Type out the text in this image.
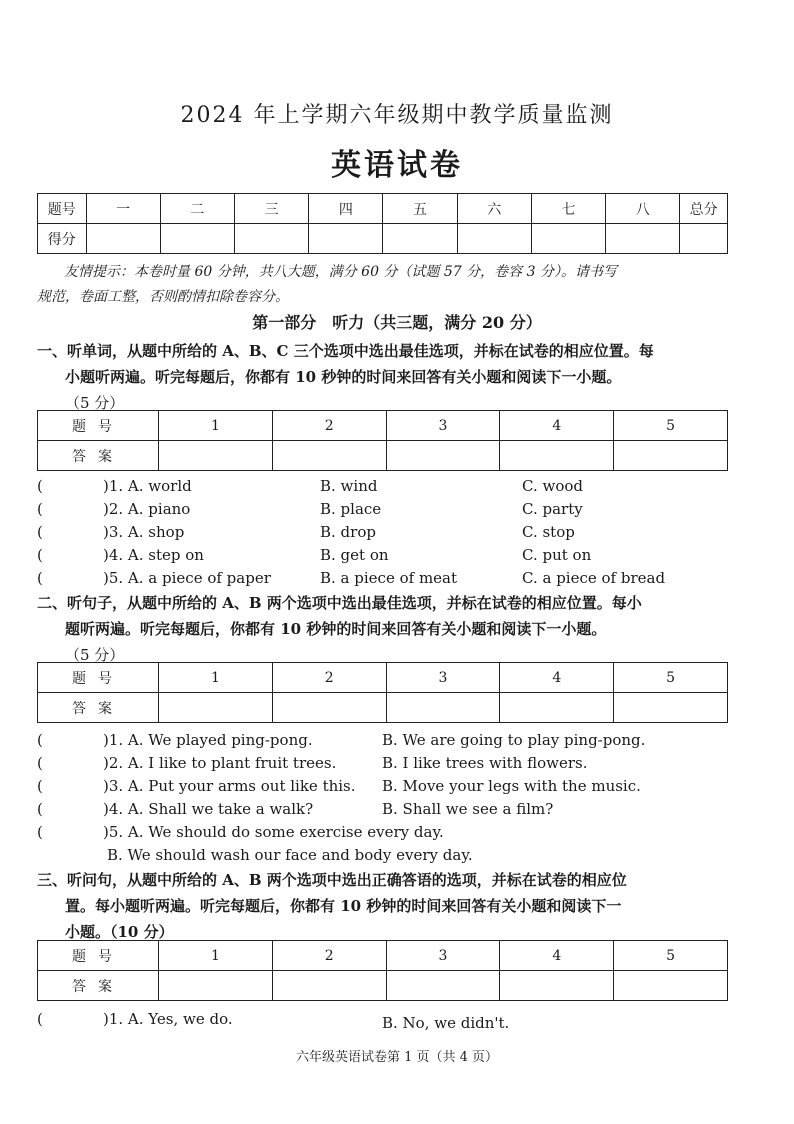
2024 年上学期六年级期中教学质量监测
英语试卷
题号	一	二	三	四	五	六	七	八	总分
得分									
友情提示：本卷时量 60 分钟，共八大题，满分 60 分（试题 57 分，卷容 3 分）。请书写
规范，卷面工整，否则酌情扣除卷容分。
第一部分　听力（共三题，满分 20 分）
一、听单词，从题中所给的 A、B、C 三个选项中选出最佳选项，并标在试卷的相应位置。每
小题听两遍。听完每题后，你都有 10 秒钟的时间来回答有关小题和阅读下一小题。
（5 分）
题号	1	2	3	4	5
答案					
(	)1. A. world	B. wind	C. wood
(	)2. A. piano	B. place	C. party
(	)3. A. shop	B. drop	C. stop
(	)4. A. step on	B. get on	C. put on
(	)5. A. a piece of paper	B. a piece of meat	C. a piece of bread
二、听句子，从题中所给的 A、B 两个选项中选出最佳选项，并标在试卷的相应位置。每小
题听两遍。听完每题后，你都有 10 秒钟的时间来回答有关小题和阅读下一小题。
（5 分）
题号	1	2	3	4	5
答案					
(	)1. A. We played ping-pong.	B. We are going to play ping-pong.
(	)2. A. I like to plant fruit trees.	B. I like trees with flowers.
(	)3. A. Put your arms out like this. B. Move your legs with the music.
(	)4. A. Shall we take a walk?	B. Shall we see a film?
(	)5. A. We should do some exercise every day.
B. We should wash our face and body every day.
三、听问句，从题中所给的 A、B 两个选项中选出正确答语的选项，并标在试卷的相应位
置。每小题听两遍。听完每题后，你都有 10 秒钟的时间来回答有关小题和阅读下一
小题。（10 分）
题号	1	2	3	4	5
答案					
(	)1. A. Yes, we do.	B. No, we didn't.
六年级英语试卷第 1 页（共 4 页）
